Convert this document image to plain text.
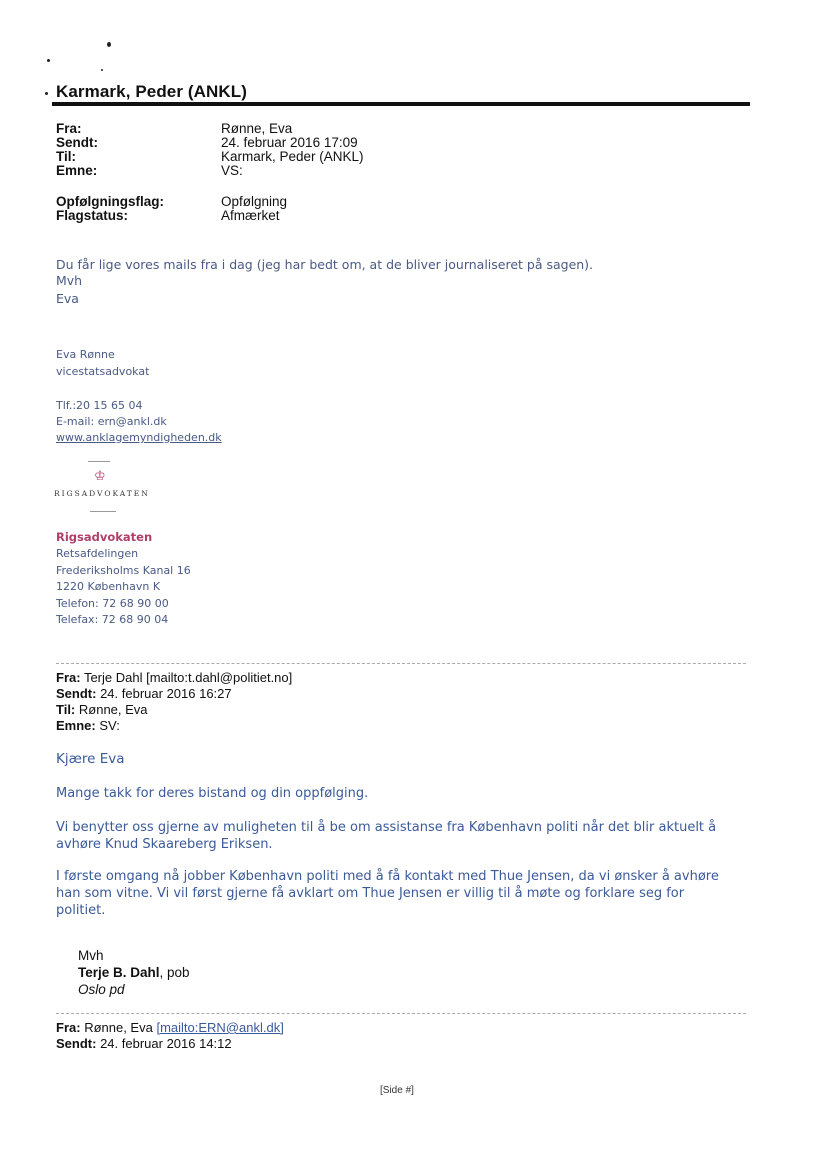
Karmark, Peder (ANKL)
Fra:	Rønne, Eva
Sendt:	24. februar 2016 17:09
Til:	Karmark, Peder (ANKL)
Emne:	VS:
Opfølgningsflag:	Opfølgning
Flagstatus:	Afmærket
Du får lige vores mails fra i dag (jeg har bedt om, at de bliver journaliseret på sagen).
Mvh
Eva
Eva Rønne
vicestatsadvokat
Tlf.:20 15 65 04
E-mail: ern@ankl.dk
www.anklagemyndigheden.dk
♔
RIGSADVOKATEN
Rigsadvokaten
Retsafdelingen
Frederiksholms Kanal 16
1220 København K
Telefon: 72 68 90 00
Telefax: 72 68 90 04
Fra: Terje Dahl [mailto:t.dahl@politiet.no]
Sendt: 24. februar 2016 16:27
Til: Rønne, Eva
Emne: SV:
Kjære Eva
Mange takk for deres bistand og din oppfølging.
Vi benytter oss gjerne av muligheten til å be om assistanse fra København politi når det blir aktuelt å
avhøre Knud Skaareberg Eriksen.
I første omgang nå jobber København politi med å få kontakt med Thue Jensen, da vi ønsker å avhøre
han som vitne. Vi vil først gjerne få avklart om Thue Jensen er villig til å møte og forklare seg for
politiet.
Mvh
Terje B. Dahl, pob
Oslo pd
Fra: Rønne, Eva [mailto:ERN@ankl.dk]
Sendt: 24. februar 2016 14:12
[Side #]
